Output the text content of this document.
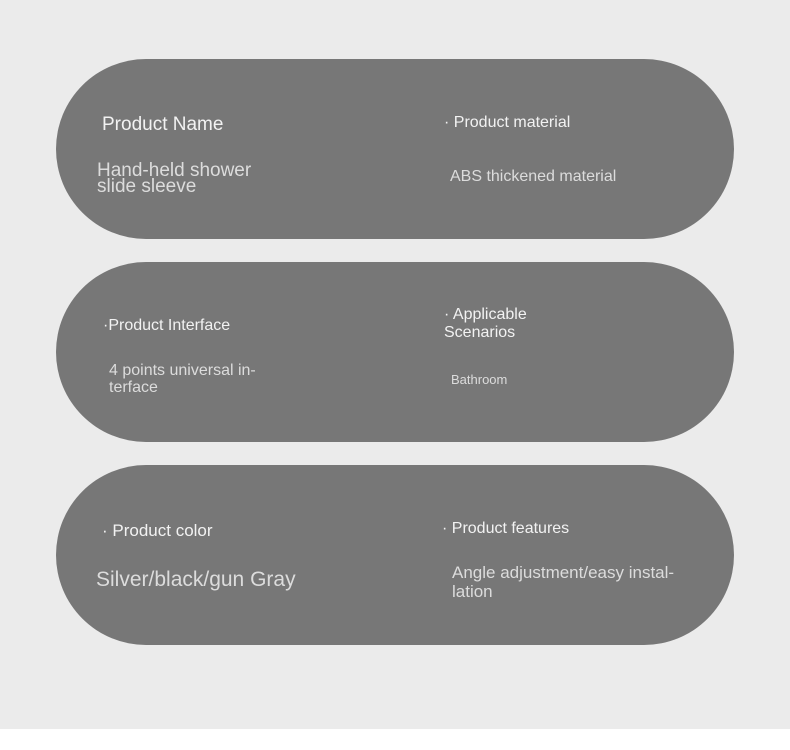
Product Name
Hand-held shower
slide sleeve
· Product material
ABS thickened material
·Product Interface
4 points universal in-
terface
· Applicable
Scenarios
Bathroom
· Product color
Silver/black/gun Gray
· Product features
Angle adjustment/easy instal-
lation
